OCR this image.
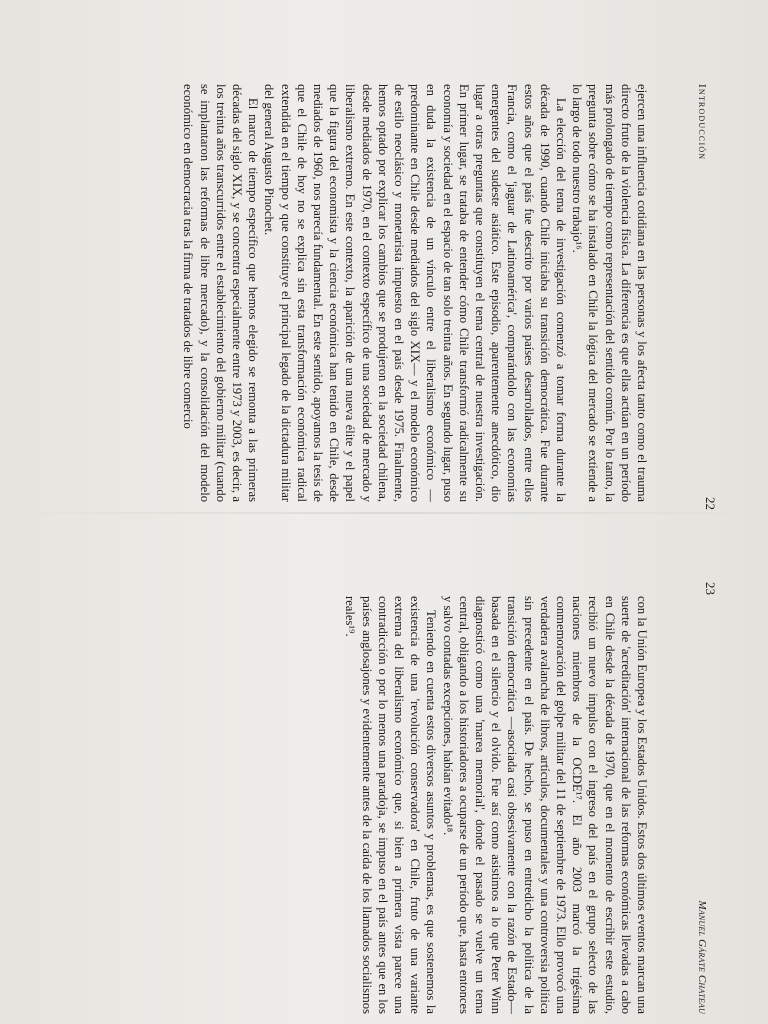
Introducción
22

ejercen una influencia cotidiana en las personas y los afecta tanto como el trauma directo fruto de la violencia física. La diferencia es que ellas actúan en un período más prolongado de tiempo como representación del sentido común. Por lo tanto, la pregunta sobre cómo se ha instalado en Chile la lógica del mercado se extiende a lo largo de todo nuestro trabajo¹⁶.

La elección del tema de investigación comenzó a tomar forma durante la década de 1990, cuando Chile iniciaba su transición democrática. Fue durante estos años que el país fue descrito por varios países desarrollados, entre ellos Francia, como el 'jaguar de Latinoamérica', comparándolo con las economías emergentes del sudeste asiático. Este episodio, aparentemente anecdótico, dio lugar a otras preguntas que constituyen el tema central de nuestra investigación. En primer lugar, se trataba de entender cómo Chile transformó radicalmente su economía y sociedad en el espacio de tan solo treinta años. En segundo lugar, puso en duda la existencia de un vínculo entre el liberalismo económico —predominante en Chile desde mediados del siglo XIX— y el modelo económico de estilo neoclásico y monetarista impuesto en el país desde 1975. Finalmente, hemos optado por explicar los cambios que se produjeron en la sociedad chilena, desde mediados de 1970, en el contexto específico de una sociedad de mercado y liberalismo extremo. En este contexto, la aparición de una nueva élite y el papel que la figura del economista y la ciencia económica han tenido en Chile, desde mediados de 1960, nos parecía fundamental. En este sentido, apoyamos la tesis de que el Chile de hoy no se explica sin esta transformación económica radical extendida en el tiempo y que constituye el principal legado de la dictadura militar del general Augusto Pinochet.

El marco de tiempo específico que hemos elegido se remonta a las primeras décadas del siglo XIX, y se concentra especialmente entre 1973 y 2003, es decir, a los treinta años transcurridos entre el establecimiento del gobierno militar (cuando se implantaron las reformas de libre mercado), y la consolidación del modelo económico en democracia tras la firma de tratados de libre comercio

Manuel Gárate Chateau
23

con la Unión Europea y los Estados Unidos. Estos dos últimos eventos marcan una suerte de 'acreditación' internacional de las reformas económicas llevadas a cabo en Chile desde la década de 1970, que en el momento de escribir este estudio, recibió un nuevo impulso con el ingreso del país en el grupo selecto de las naciones miembros de la OCDE¹⁷. El año 2003 marcó la trigésima conmemoración del golpe militar del 11 de septiembre de 1973. Ello provocó una verdadera avalancha de libros, artículos, documentales y una controversia política sin precedente en el país. De hecho, se puso en entredicho la política de la transición democrática —asociada casi obsesivamente con la razón de Estado— basada en el silencio y el olvido. Fue así como asistimos a lo que Peter Winn diagnosticó como una 'marea memorial', donde el pasado se vuelve un tema central, obligando a los historiadores a ocuparse de un período que, hasta entonces y salvo contadas excepciones, habían evitado¹⁸.

Teniendo en cuenta estos diversos asuntos y problemas, es que sostenemos la existencia de una 'revolución conservadora' en Chile, fruto de una variante extrema del liberalismo económico que, si bien a primera vista parece una contradicción o por lo menos una paradoja, se impuso en el país antes que en los países anglosajones y evidentemente antes de la caída de los llamados socialismos reales¹⁹.
